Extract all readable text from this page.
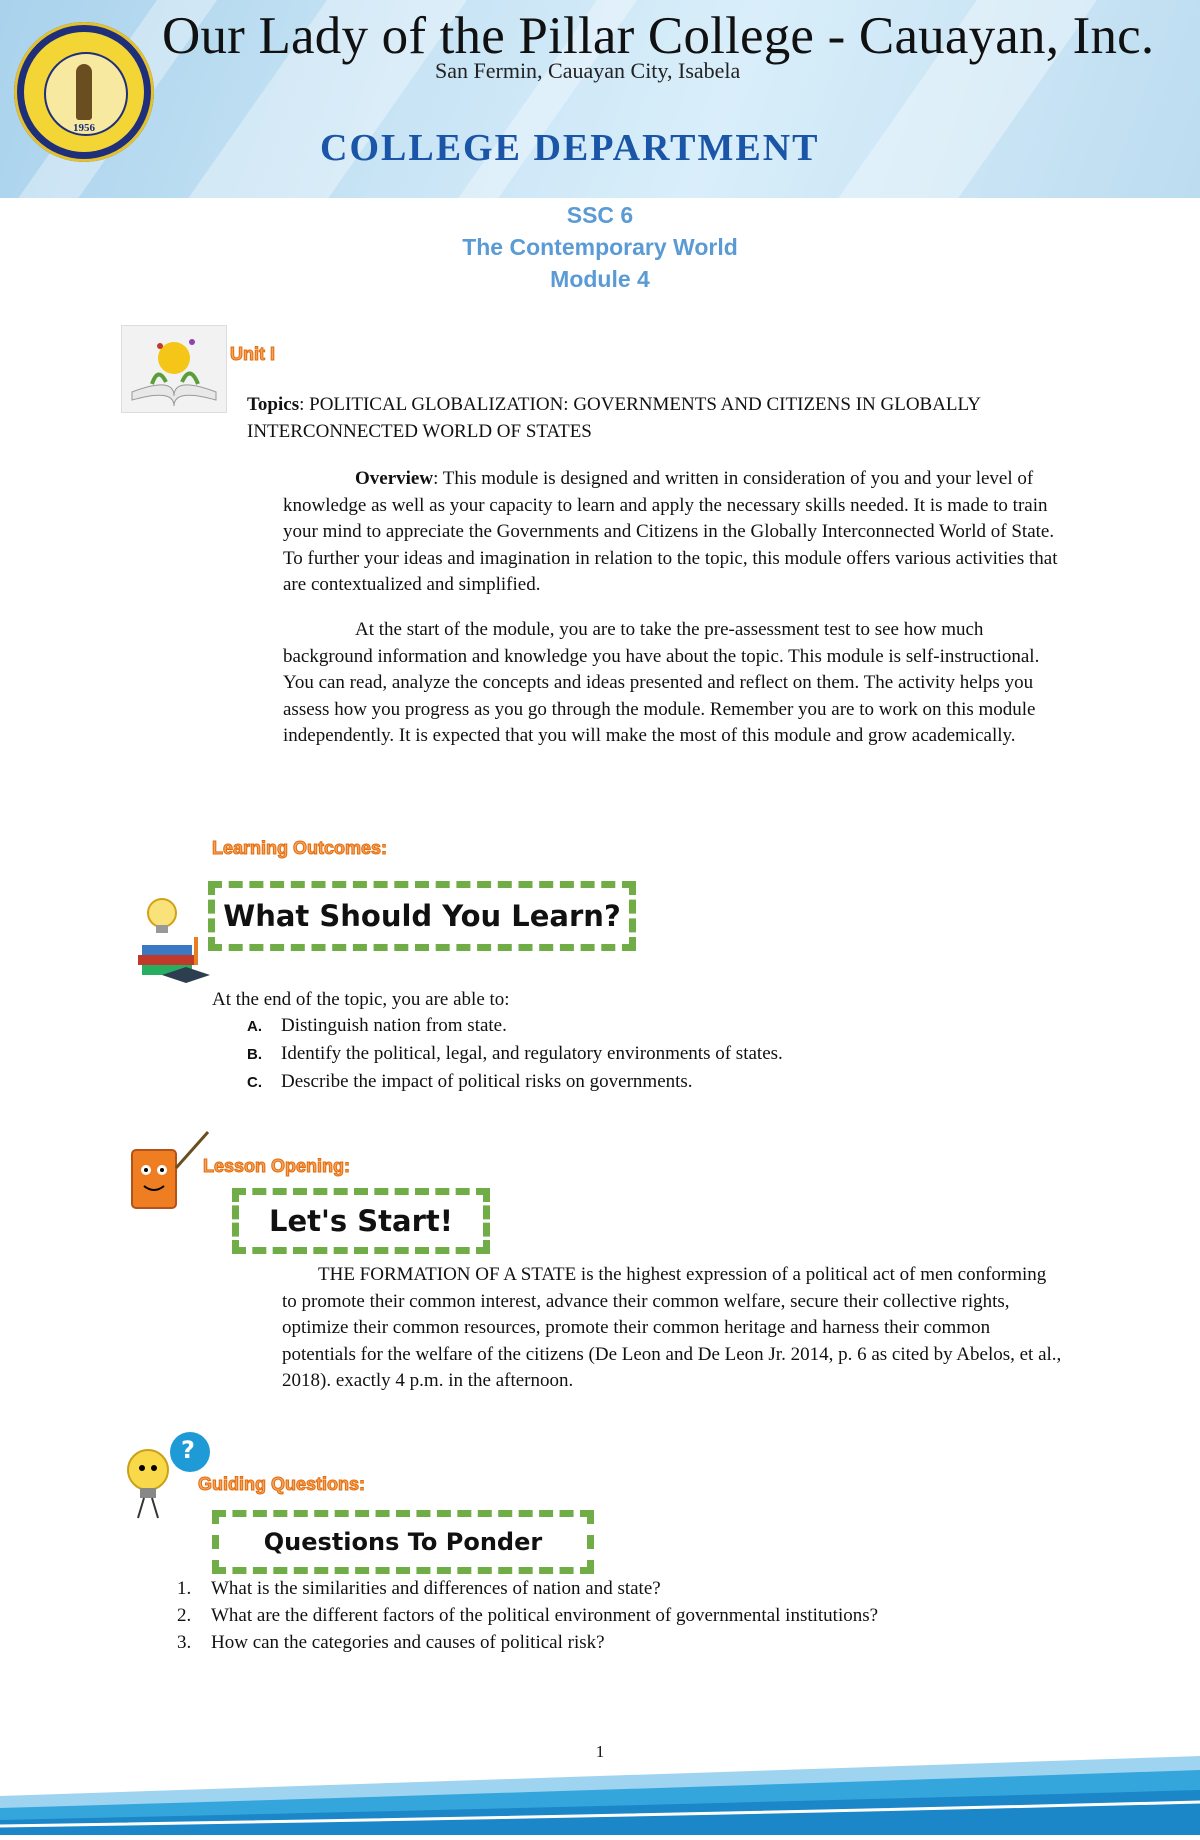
1956
Our Lady of the Pillar College - Cauayan, Inc.
San Fermin, Cauayan City, Isabela
COLLEGE DEPARTMENT
SSC 6
The Contemporary World
Module 4
Unit I
Topics: POLITICAL GLOBALIZATION: GOVERNMENTS AND CITIZENS IN GLOBALLY INTERCONNECTED WORLD OF STATES
Overview: This module is designed and written in consideration of you and your level of knowledge as well as your capacity to learn and apply the necessary skills needed. It is made to train your mind to appreciate the Governments and Citizens in the Globally Interconnected World of State. To further your ideas and imagination in relation to the topic, this module offers various activities that are contextualized and simplified.
At the start of the module, you are to take the pre-assessment test to see how much background information and knowledge you have about the topic. This module is self-instructional. You can read, analyze the concepts and ideas presented and reflect on them. The activity helps you assess how you progress as you go through the module. Remember you are to work on this module independently. It is expected that you will make the most of this module and grow academically.
Learning Outcomes:
What Should You Learn?
At the end of the topic, you are able to:
A. Distinguish nation from state.
B. Identify the political, legal, and regulatory environments of states.
C. Describe the impact of political risks on governments.
Lesson Opening:
Let's Start!
THE FORMATION OF A STATE is the highest expression of a political act of men conforming to promote their common interest, advance their common welfare, secure their collective rights, optimize their common resources, promote their common heritage and harness their common potentials for the welfare of the citizens (De Leon and De Leon Jr. 2014, p. 6 as cited by Abelos, et al., 2018). exactly 4 p.m. in the afternoon.
?
Guiding Questions:
Questions To Ponder
1. What is the similarities and differences of nation and state?
2. What are the different factors of the political environment of governmental institutions?
3. How can the categories and causes of political risk?
1
